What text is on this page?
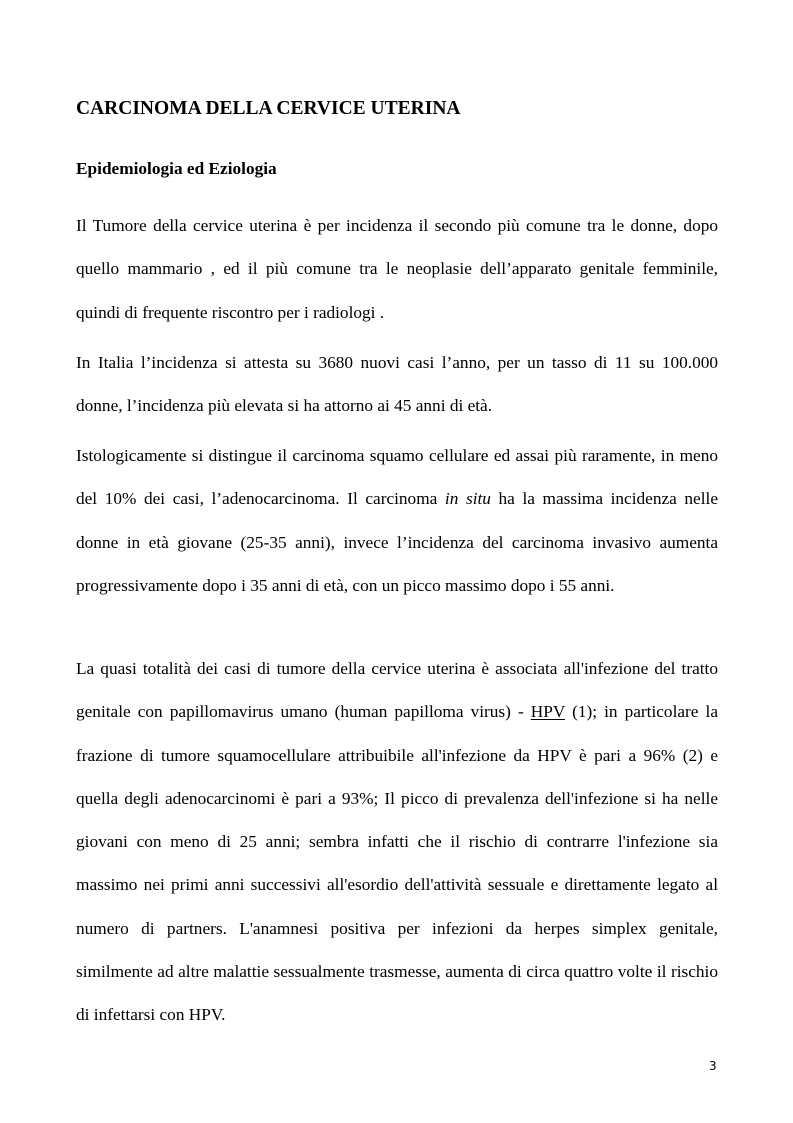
CARCINOMA DELLA CERVICE UTERINA
Epidemiologia ed Eziologia

Il Tumore della cervice uterina è per incidenza il secondo più comune tra le donne, dopo quello mammario , ed il più comune tra le neoplasie dell’apparato genitale femminile, quindi di frequente riscontro per i radiologi .

In Italia l’incidenza si attesta su 3680 nuovi casi l’anno, per un tasso di 11 su 100.000 donne, l’incidenza più elevata si ha attorno ai 45 anni di età.

Istologicamente si distingue il carcinoma squamo cellulare ed assai più raramente, in meno del 10% dei casi, l’adenocarcinoma. Il carcinoma in situ ha la massima incidenza nelle donne in età giovane (25-35 anni), invece l’incidenza del carcinoma invasivo aumenta progressivamente dopo i 35 anni di età, con un picco massimo dopo i 55 anni.

La quasi totalità dei casi di tumore della cervice uterina è associata all'infezione del tratto genitale con papillomavirus umano (human papilloma virus) - HPV (1); in particolare la frazione di tumore squamocellulare attribuibile all'infezione da HPV è pari a 96% (2) e quella degli adenocarcinomi è pari a 93%; Il picco di prevalenza dell'infezione si ha nelle giovani con meno di 25 anni; sembra infatti che il rischio di contrarre l'infezione sia massimo nei primi anni successivi all'esordio dell'attività sessuale e direttamente legato al numero di partners. L'anamnesi positiva per infezioni da herpes simplex genitale, similmente ad altre malattie sessualmente trasmesse, aumenta di circa quattro volte il rischio di infettarsi con HPV.

3
